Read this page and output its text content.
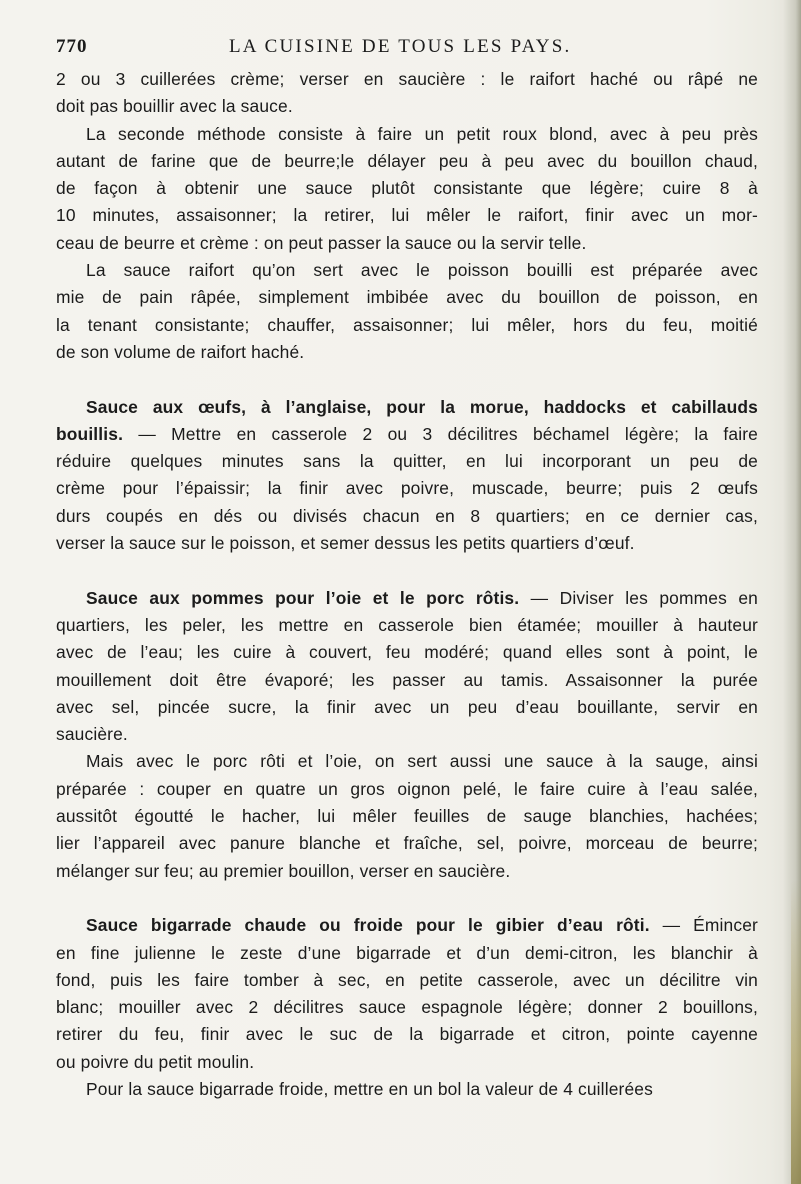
770	LA CUISINE DE TOUS LES PAYS.
2 ou 3 cuillerées crème; verser en saucière : le raifort haché ou râpé ne
doit pas bouillir avec la sauce.
La seconde méthode consiste à faire un petit roux blond, avec à peu près
autant de farine que de beurre;le délayer peu à peu avec du bouillon chaud,
de façon à obtenir une sauce plutôt consistante que légère; cuire 8 à
10 minutes, assaisonner; la retirer, lui mêler le raifort, finir avec un mor-
ceau de beurre et crème : on peut passer la sauce ou la servir telle.
La sauce raifort qu’on sert avec le poisson bouilli est préparée avec
mie de pain râpée, simplement imbibée avec du bouillon de poisson, en
la tenant consistante; chauffer, assaisonner; lui mêler, hors du feu, moitié
de son volume de raifort haché.
Sauce aux œufs, à l’anglaise, pour la morue, haddocks et cabillauds
bouillis. — Mettre en casserole 2 ou 3 décilitres béchamel légère; la faire
réduire quelques minutes sans la quitter, en lui incorporant un peu de
crème pour l’épaissir; la finir avec poivre, muscade, beurre; puis 2 œufs
durs coupés en dés ou divisés chacun en 8 quartiers; en ce dernier cas,
verser la sauce sur le poisson, et semer dessus les petits quartiers d’œuf.
Sauce aux pommes pour l’oie et le porc rôtis. — Diviser les pommes en
quartiers, les peler, les mettre en casserole bien étamée; mouiller à hauteur
avec de l’eau; les cuire à couvert, feu modéré; quand elles sont à point, le
mouillement doit être évaporé; les passer au tamis. Assaisonner la purée
avec sel, pincée sucre, la finir avec un peu d’eau bouillante, servir en
saucière.
Mais avec le porc rôti et l’oie, on sert aussi une sauce à la sauge, ainsi
préparée : couper en quatre un gros oignon pelé, le faire cuire à l’eau salée,
aussitôt égoutté le hacher, lui mêler feuilles de sauge blanchies, hachées;
lier l’appareil avec panure blanche et fraîche, sel, poivre, morceau de beurre;
mélanger sur feu; au premier bouillon, verser en saucière.
Sauce bigarrade chaude ou froide pour le gibier d’eau rôti. — Émincer
en fine julienne le zeste d’une bigarrade et d’un demi-citron, les blanchir à
fond, puis les faire tomber à sec, en petite casserole, avec un décilitre vin
blanc; mouiller avec 2 décilitres sauce espagnole légère; donner 2 bouillons,
retirer du feu, finir avec le suc de la bigarrade et citron, pointe cayenne
ou poivre du petit moulin.
Pour la sauce bigarrade froide, mettre en un bol la valeur de 4 cuillerées
